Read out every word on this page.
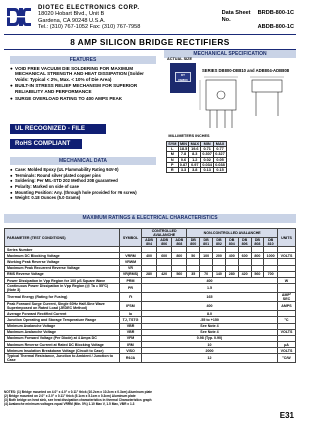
DIOTEC ELECTRONICS CORP.
18020 Hobart Blvd., Unit B
Gardena, CA 90248 U.S.A.
Tel.: (310) 767-1052 Fax: (310) 767-7958
Data Sheet No.
BRDB-800-1C
ABDB-800-1C
8 AMP SILICON BRIDGE RECTIFIERS
FEATURES
MECHANICAL SPECIFICATION
● VOID FREE VACUUM DIE SOLDERING FOR MAXIMUM MECHANICAL STRENGTH AND HEAT DISSIPATION (Solder Voids: Typical < 2%, Max. < 10% of Die Area)
● BUILT-IN STRESS RELIEF MECHANISM FOR SUPERIOR RELIABILITY AND PERFORMANCE
● SURGE OVERLOAD RATING TO 400 AMPS PEAK
UL RECOGNIZED - FILE
RoHS COMPLIANT
MECHANICAL DATA
● Case: Molded Epoxy (UL Flammability Rating 94V-0)
● Terminals: Round silver plated copper pins
● Soldering: Per MIL-STD 202 Method 208 guaranteed
● Polarity: Marked on side of case
● Mounting Position: Any. (through hole provided for #6 screw)
● Weight: 0.18 Ounces (5.0 Grams)
ACTUAL SIZE
DT DB800
SERIES DB800-DB810 and ADB804-ADB808
MILLIMETERS INCHES
SYM	MIN	MAX	MIN	MAX
L	18.5	19.6	0.71	0.77
M	7.8	8.3	0.307	0.327
N	0.6	1.2	0.02	0.05
P	0.87	0.97	0.034	0.038
R	3.3	3.8	0.13	0.15
MAXIMUM RATINGS & ELECTRICAL CHARACTERISTICS
PARAMETER (TEST CONDITIONS)	SYMBOL	CONTROLLED AVALANCHE			NON-CONTROLLED AVALANCHE							UNITS
		ADB 804	ADB 806	ADB 808	DB 800	DB 801	DB 802	DB 804	DB 806	DB 808	DB 810	
Series Number												
Maximum DC Blocking Voltage	VRRM	400	600	800	50	100	200	400	600	800	1000	VOLTS
Working Peak Reverse Voltage	VRWM											
Maximum Peak Recurrent Reverse Voltage	VR											
RMS Reverse Voltage	VR(RMS)	280	420	560	35	70	140	280	420	560	700	
Power Dissipation in Vpp Region for 100 μS Square Wave	PRM	400										W
Continuous Power Dissipation in Vpp Region (@ Ta = 55°C) (Note 3)	PR	1.5										
Thermal Energy (Rating for Fusing)	I²t	165										AMP² SEC
Peak Forward Surge Current, Single 60Hz Half-Sine Wave Superimposed on Rated Load (JEDEC Method)	IFSM	400										AMPS
Average Forward Rectified Current	Io	8.0										
Junction Operating and Storage Temperature Range	TJ, TSTG	-55 to +150										°C
Minimum Avalanche Voltage	VBR	See Note 4										
Maximum Avalanche Voltage	VBR	See Note 4										VOLTS
Maximum Forward Voltage (Per Diode) at 4 Amps DC	VFM	0.98 (Typ. 0.90)										
Maximum Reverse Current at Rated DC Blocking Voltage	IRM	10										μA
Minimum Insulation Breakdown Voltage (Circuit to Case)	VISO	2000										VOLTS
Typical Thermal Resistance, Junction to Ambient / Junction to Case	RθJA	12										°C/W
NOTES: (1) Bridge mounted on 4.0" x 4.0" x 0.11" thick (10.2cm x 10.2cm x 0.3cm) Aluminum plate
(2) Bridge mounted on 2.0" x 2.0" x 0.11" thick (5.1cm x 5.1cm x 0.3cm) Aluminum plate
(3) Both bridge on heat sink, see heat dissipation characteristics in thermal Characteristics graph
(4) Avalanche minimum voltages equal VRRM (Min. 5%) 1.10 Max V, 1.5 Max, VBR x 1.3
E31
